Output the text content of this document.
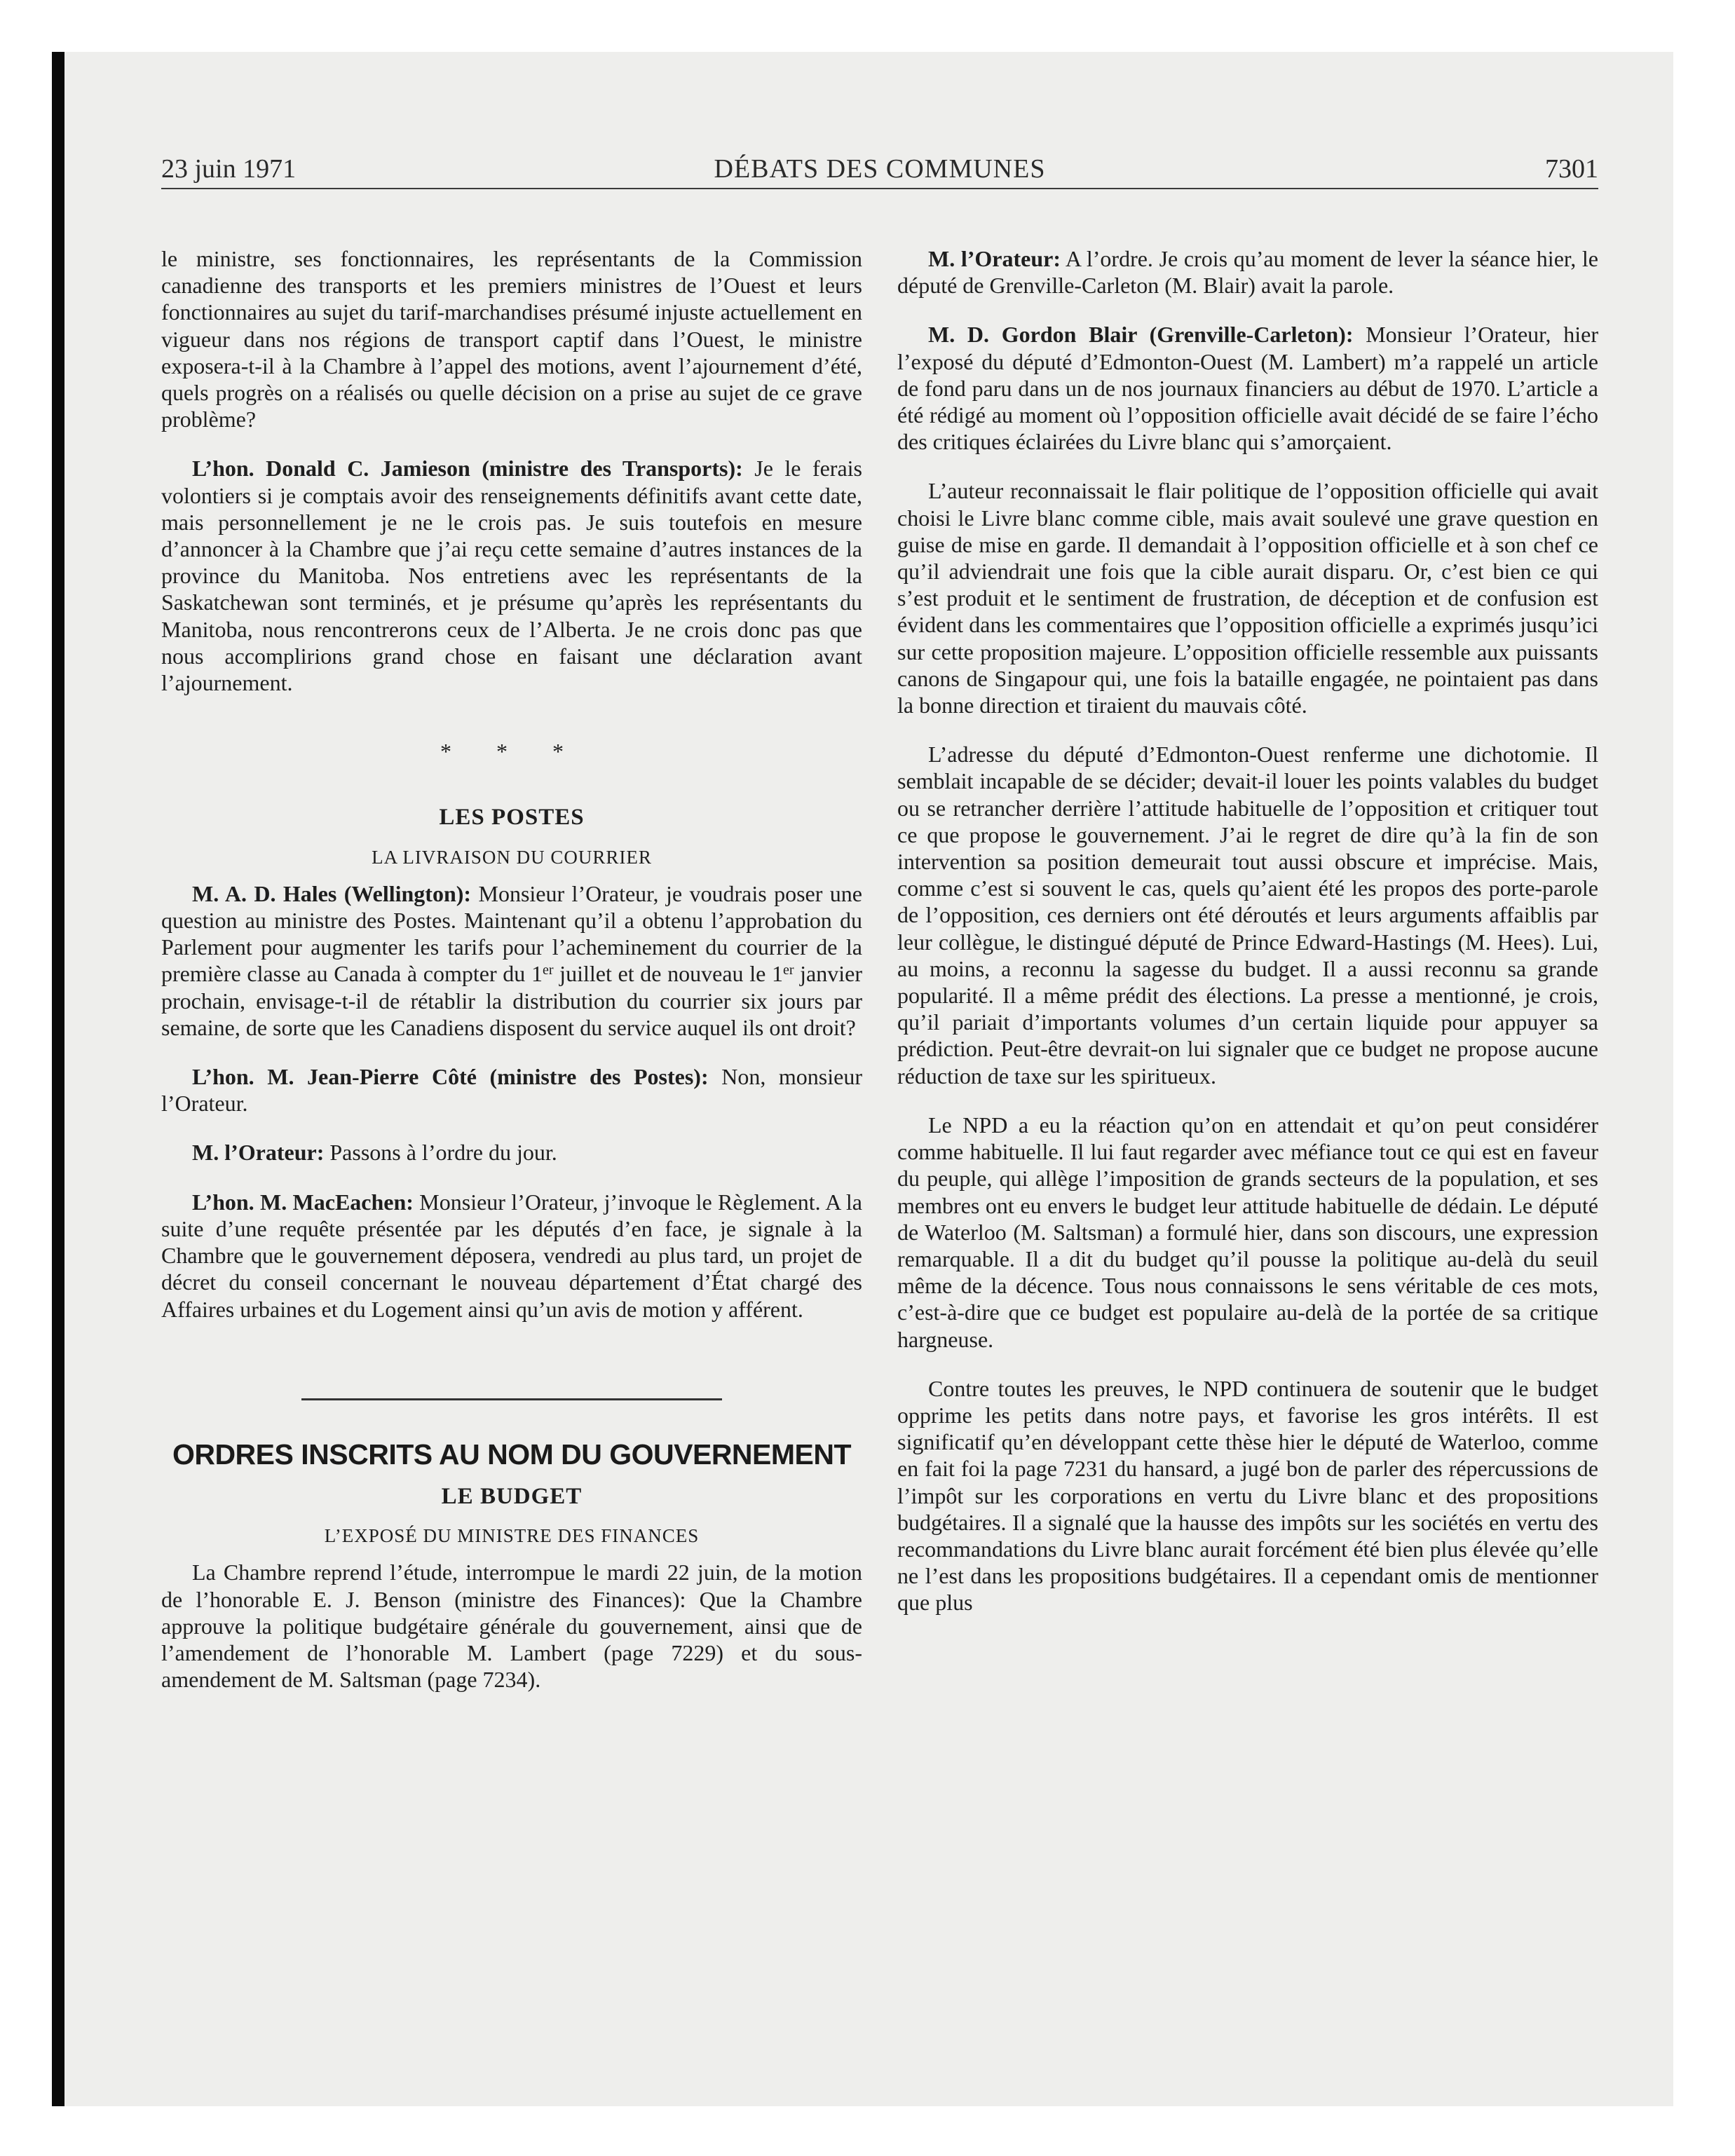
23 juin 1971	DÉBATS DES COMMUNES	7301

le ministre, ses fonctionnaires, les représentants de la Commission canadienne des transports et les premiers ministres de l’Ouest et leurs fonctionnaires au sujet du tarif-marchandises présumé injuste actuellement en vigueur dans nos régions de transport captif dans l’Ouest, le ministre exposera-t-il à la Chambre à l’appel des motions, avent l’ajournement d’été, quels progrès on a réalisés ou quelle décision on a prise au sujet de ce grave problème?

L’hon. Donald C. Jamieson (ministre des Transports): Je le ferais volontiers si je comptais avoir des renseignements définitifs avant cette date, mais personnellement je ne le crois pas. Je suis toutefois en mesure d’annoncer à la Chambre que j’ai reçu cette semaine d’autres instances de la province du Manitoba. Nos entretiens avec les représentants de la Saskatchewan sont terminés, et je présume qu’après les représentants du Manitoba, nous rencontrerons ceux de l’Alberta. Je ne crois donc pas que nous accomplirions grand chose en faisant une déclaration avant l’ajournement.

* * *
LES POSTES
LA LIVRAISON DU COURRIER

M. A. D. Hales (Wellington): Monsieur l’Orateur, je voudrais poser une question au ministre des Postes. Maintenant qu’il a obtenu l’approbation du Parlement pour augmenter les tarifs pour l’acheminement du courrier de la première classe au Canada à compter du 1er juillet et de nouveau le 1er janvier prochain, envisage-t-il de rétablir la distribution du courrier six jours par semaine, de sorte que les Canadiens disposent du service auquel ils ont droit?

L’hon. M. Jean-Pierre Côté (ministre des Postes): Non, monsieur l’Orateur.

M. l’Orateur: Passons à l’ordre du jour.

L’hon. M. MacEachen: Monsieur l’Orateur, j’invoque le Règlement. A la suite d’une requête présentée par les députés d’en face, je signale à la Chambre que le gouvernement déposera, vendredi au plus tard, un projet de décret du conseil concernant le nouveau département d’État chargé des Affaires urbaines et du Logement ainsi qu’un avis de motion y afférent.

ORDRES INSCRITS AU NOM DU GOUVERNEMENT
LE BUDGET
L’EXPOSÉ DU MINISTRE DES FINANCES

La Chambre reprend l’étude, interrompue le mardi 22 juin, de la motion de l’honorable E. J. Benson (ministre des Finances): Que la Chambre approuve la politique budgétaire générale du gouvernement, ainsi que de l’amendement de l’honorable M. Lambert (page 7229) et du sous-amendement de M. Saltsman (page 7234).

M. l’Orateur: A l’ordre. Je crois qu’au moment de lever la séance hier, le député de Grenville-Carleton (M. Blair) avait la parole.

M. D. Gordon Blair (Grenville-Carleton): Monsieur l’Orateur, hier l’exposé du député d’Edmonton-Ouest (M. Lambert) m’a rappelé un article de fond paru dans un de nos journaux financiers au début de 1970. L’article a été rédigé au moment où l’opposition officielle avait décidé de se faire l’écho des critiques éclairées du Livre blanc qui s’amorçaient.

L’auteur reconnaissait le flair politique de l’opposition officielle qui avait choisi le Livre blanc comme cible, mais avait soulevé une grave question en guise de mise en garde. Il demandait à l’opposition officielle et à son chef ce qu’il adviendrait une fois que la cible aurait disparu. Or, c’est bien ce qui s’est produit et le sentiment de frustration, de déception et de confusion est évident dans les commentaires que l’opposition officielle a exprimés jusqu’ici sur cette proposition majeure. L’opposition officielle ressemble aux puissants canons de Singapour qui, une fois la bataille engagée, ne pointaient pas dans la bonne direction et tiraient du mauvais côté.

L’adresse du député d’Edmonton-Ouest renferme une dichotomie. Il semblait incapable de se décider; devait-il louer les points valables du budget ou se retrancher derrière l’attitude habituelle de l’opposition et critiquer tout ce que propose le gouvernement. J’ai le regret de dire qu’à la fin de son intervention sa position demeurait tout aussi obscure et imprécise. Mais, comme c’est si souvent le cas, quels qu’aient été les propos des porte-parole de l’opposition, ces derniers ont été déroutés et leurs arguments affaiblis par leur collègue, le distingué député de Prince Edward-Hastings (M. Hees). Lui, au moins, a reconnu la sagesse du budget. Il a aussi reconnu sa grande popularité. Il a même prédit des élections. La presse a mentionné, je crois, qu’il pariait d’importants volumes d’un certain liquide pour appuyer sa prédiction. Peut-être devrait-on lui signaler que ce budget ne propose aucune réduction de taxe sur les spiritueux.

Le NPD a eu la réaction qu’on en attendait et qu’on peut considérer comme habituelle. Il lui faut regarder avec méfiance tout ce qui est en faveur du peuple, qui allège l’imposition de grands secteurs de la population, et ses membres ont eu envers le budget leur attitude habituelle de dédain. Le député de Waterloo (M. Saltsman) a formulé hier, dans son discours, une expression remarquable. Il a dit du budget qu’il pousse la politique au-delà du seuil même de la décence. Tous nous connaissons le sens véritable de ces mots, c’est-à-dire que ce budget est populaire au-delà de la portée de sa critique hargneuse.

Contre toutes les preuves, le NPD continuera de soutenir que le budget opprime les petits dans notre pays, et favorise les gros intérêts. Il est significatif qu’en développant cette thèse hier le député de Waterloo, comme en fait foi la page 7231 du hansard, a jugé bon de parler des répercussions de l’impôt sur les corporations en vertu du Livre blanc et des propositions budgétaires. Il a signalé que la hausse des impôts sur les sociétés en vertu des recommandations du Livre blanc aurait forcément été bien plus élevée qu’elle ne l’est dans les propositions budgétaires. Il a cependant omis de mentionner que plus
